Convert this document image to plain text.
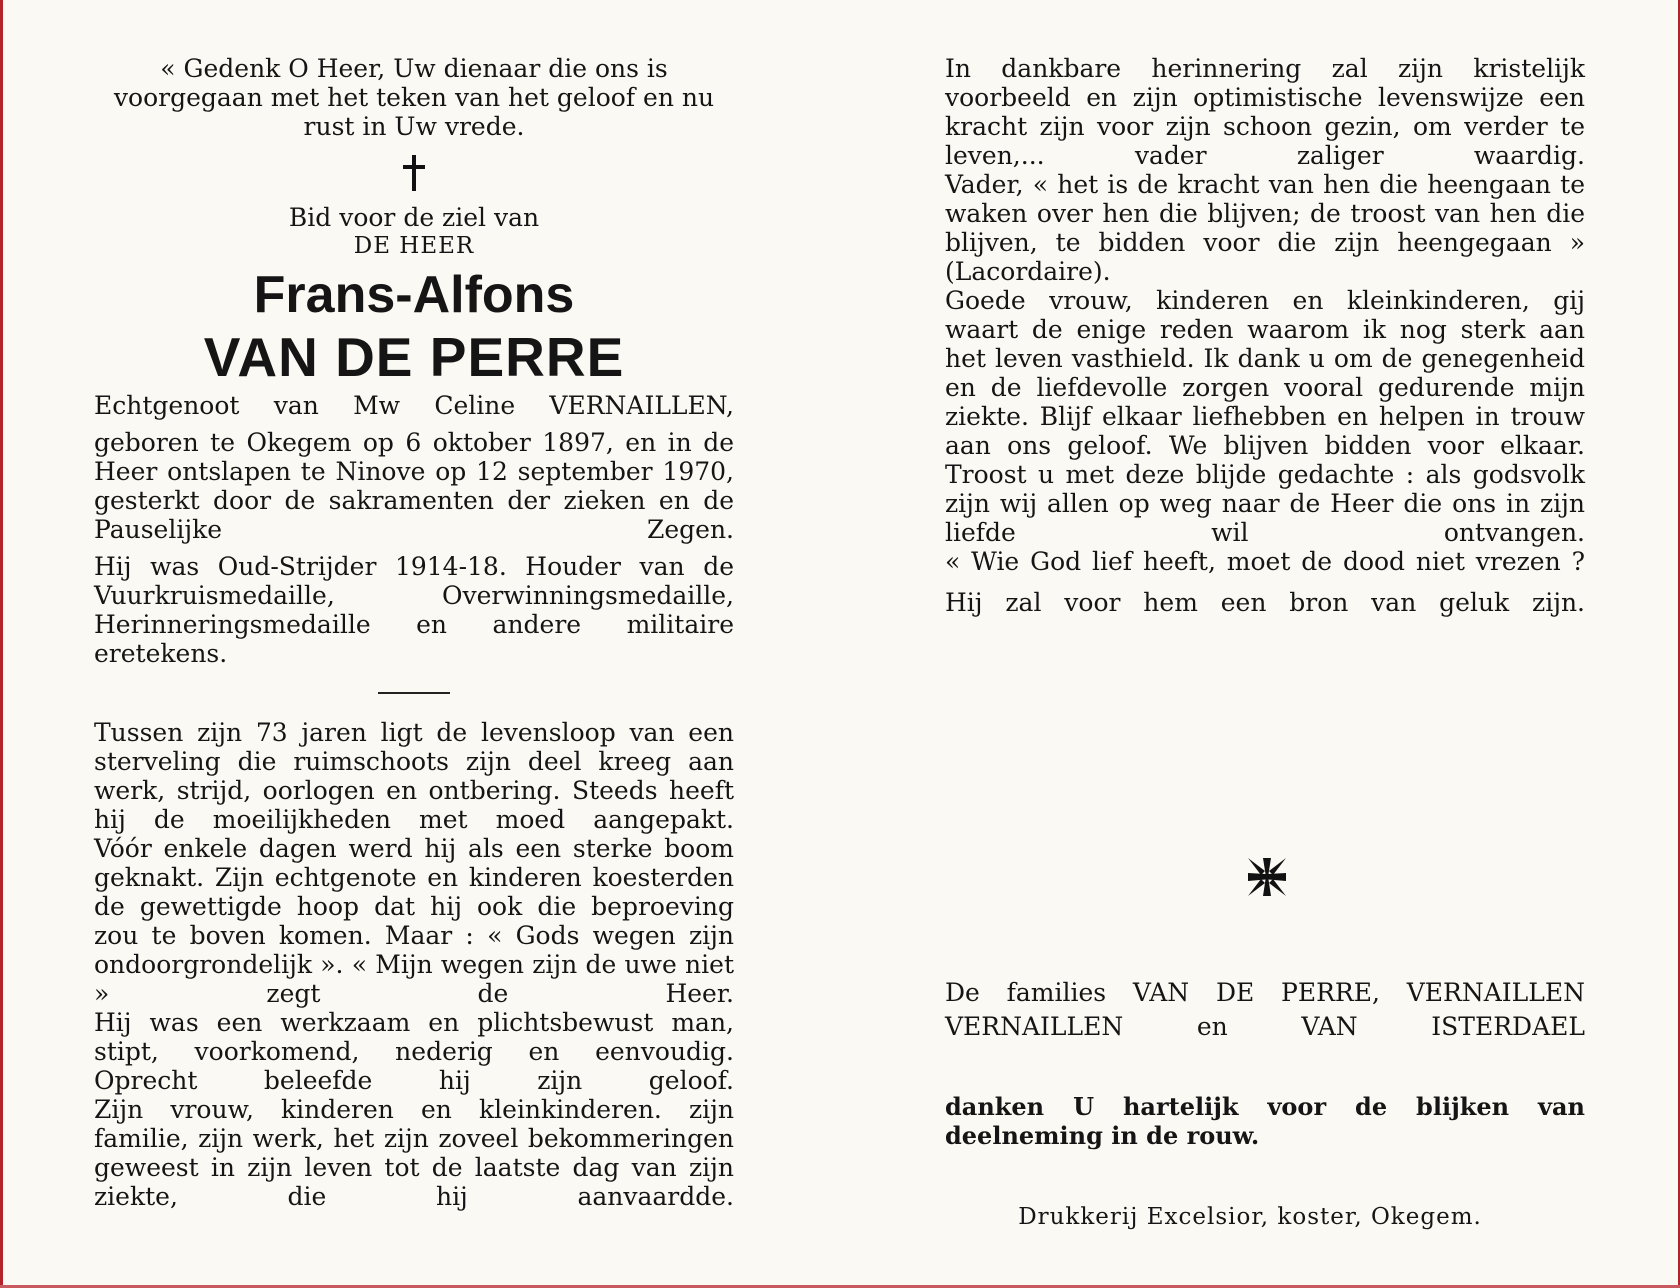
« Gedenk O Heer, Uw dienaar die ons is voorgegaan met het teken van het geloof en nu rust in Uw vrede.

Bid voor de ziel van

DE HEER

Frans-Alfons

VAN DE PERRE

Echtgenoot van Mw Celine VERNAILLEN,

geboren te Okegem op 6 oktober 1897, en in de Heer ontslapen te Ninove op 12 september 1970, gesterkt door de sakramenten der zieken en de Pauselijke Zegen.

Hij was Oud-Strijder 1914-18. Houder van de Vuurkruismedaille, Overwinningsmedaille, Herinneringsmedaille en andere militaire eretekens.

Tussen zijn 73 jaren ligt de levensloop van een sterveling die ruimschoots zijn deel kreeg aan werk, strijd, oorlogen en ontbering. Steeds heeft hij de moeilijkheden met moed aangepakt.

Vóór enkele dagen werd hij als een sterke boom geknakt. Zijn echtgenote en kinderen koesterden de gewettigde hoop dat hij ook die beproeving zou te boven komen. Maar : « Gods wegen zijn ondoorgrondelijk ». « Mijn wegen zijn de uwe niet » zegt de Heer.

Hij was een werkzaam en plichtsbewust man, stipt, voorkomend, nederig en eenvoudig. Oprecht beleefde hij zijn geloof.

Zijn vrouw, kinderen en kleinkinderen. zijn familie, zijn werk, het zijn zoveel bekommeringen geweest in zijn leven tot de laatste dag van zijn ziekte, die hij aanvaardde.

In dankbare herinnering zal zijn kristelijk voorbeeld en zijn optimistische levenswijze een kracht zijn voor zijn schoon gezin, om verder te leven,... vader zaliger waardig.

Vader, « het is de kracht van hen die heengaan te waken over hen die blijven; de troost van hen die blijven, te bidden voor die zijn heengegaan » (Lacordaire).

Goede vrouw, kinderen en kleinkinderen, gij waart de enige reden waarom ik nog sterk aan het leven vasthield. Ik dank u om de genegenheid en de liefdevolle zorgen vooral gedurende mijn ziekte. Blijf elkaar liefhebben en helpen in trouw aan ons geloof. We blijven bidden voor elkaar.

Troost u met deze blijde gedachte : als godsvolk zijn wij allen op weg naar de Heer die ons in zijn liefde wil ontvangen.

« Wie God lief heeft, moet de dood niet vrezen ?

Hij zal voor hem een bron van geluk zijn.

De families VAN DE PERRE, VERNAILLEN
VERNAILLEN en VAN ISTERDAEL

danken U hartelijk voor de blijken van deelneming in de rouw.

Drukkerij Excelsior, koster, Okegem.
